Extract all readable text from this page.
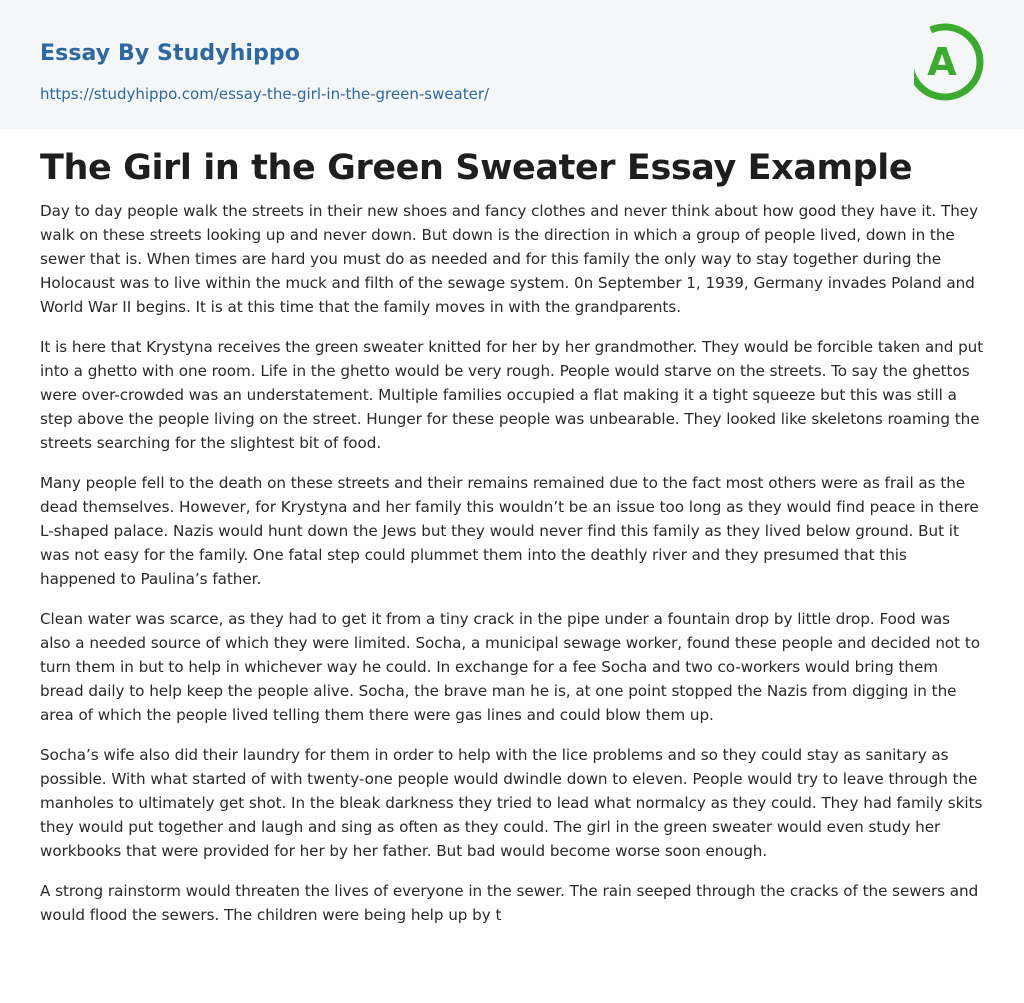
Essay By Studyhippo
https://studyhippo.com/essay-the-girl-in-the-green-sweater/
A
The Girl in the Green Sweater Essay Example

Day to day people walk the streets in their new shoes and fancy clothes and never think about how good they have it. They walk on these streets looking up and never down. But down is the direction in which a group of people lived, down in the sewer that is. When times are hard you must do as needed and for this family the only way to stay together during the Holocaust was to live within the muck and filth of the sewage system. 0n September 1, 1939, Germany invades Poland and World War II begins. It is at this time that the family moves in with the grandparents.

It is here that Krystyna receives the green sweater knitted for her by her grandmother. They would be forcible taken and put into a ghetto with one room. Life in the ghetto would be very rough. People would starve on the streets. To say the ghettos were over-crowded was an understatement. Multiple families occupied a flat making it a tight squeeze but this was still a step above the people living on the street. Hunger for these people was unbearable. They looked like skeletons roaming the streets searching for the slightest bit of food.

Many people fell to the death on these streets and their remains remained due to the fact most others were as frail as the dead themselves. However, for Krystyna and her family this wouldn’t be an issue too long as they would find peace in there L-shaped palace. Nazis would hunt down the Jews but they would never find this family as they lived below ground. But it was not easy for the family. One fatal step could plummet them into the deathly river and they presumed that this happened to Paulina’s father.

Clean water was scarce, as they had to get it from a tiny crack in the pipe under a fountain drop by little drop. Food was also a needed source of which they were limited. Socha, a municipal sewage worker, found these people and decided not to turn them in but to help in whichever way he could. In exchange for a fee Socha and two co-workers would bring them bread daily to help keep the people alive. Socha, the brave man he is, at one point stopped the Nazis from digging in the area of which the people lived telling them there were gas lines and could blow them up.

Socha’s wife also did their laundry for them in order to help with the lice problems and so they could stay as sanitary as possible. With what started of with twenty-one people would dwindle down to eleven. People would try to leave through the manholes to ultimately get shot. In the bleak darkness they tried to lead what normalcy as they could. They had family skits they would put together and laugh and sing as often as they could. The girl in the green sweater would even study her workbooks that were provided for her by her father. But bad would become worse soon enough.

A strong rainstorm would threaten the lives of everyone in the sewer. The rain seeped through the cracks of the sewers and would flood the sewers. The children were being help up by t
